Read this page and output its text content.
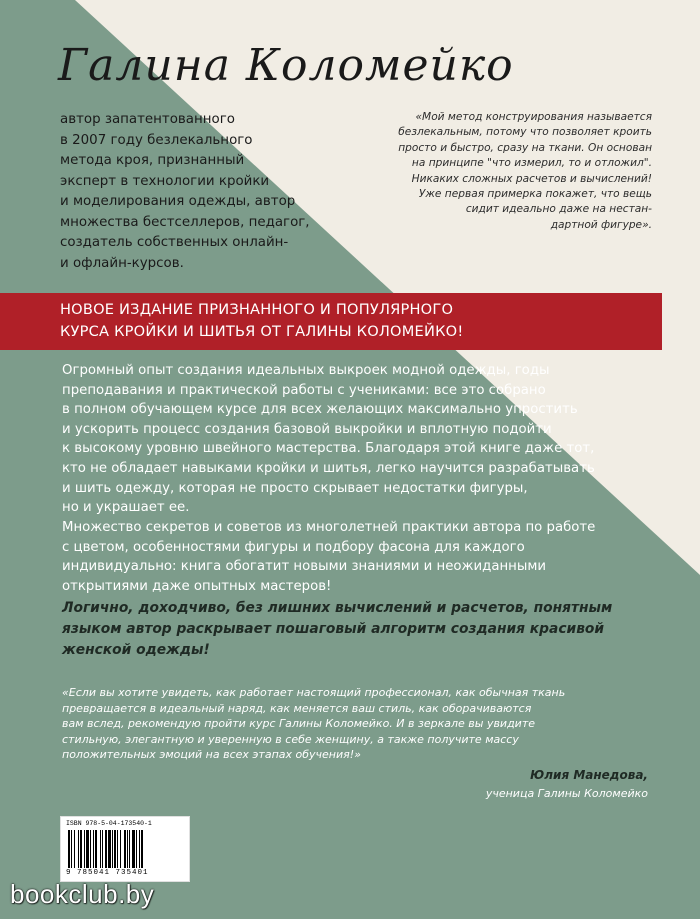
Галина Коломейко

автор запатентованного
в 2007 году безлекального
метода кроя, признанный
эксперт в технологии кройки
и моделирования одежды, автор
множества бестселлеров, педагог,
создатель собственных онлайн-
и офлайн-курсов.

«Мой метод конструирования называется
безлекальным, потому что позволяет кроить
просто и быстро, сразу на ткани. Он основан
на принципе "что измерил, то и отложил".
Никаких сложных расчетов и вычислений!
Уже первая примерка покажет, что вещь
сидит идеально даже на нестан-
дартной фигуре».

НОВОЕ ИЗДАНИЕ ПРИЗНАННОГО И ПОПУЛЯРНОГО
КУРСА КРОЙКИ И ШИТЬЯ ОТ ГАЛИНЫ КОЛОМЕЙКО!

Огромный опыт создания идеальных выкроек модной одежды, годы
преподавания и практической работы с учениками: все это собрано
в полном обучающем курсе для всех желающих максимально упростить
и ускорить процесс создания базовой выкройки и вплотную подойти
к высокому уровню швейного мастерства. Благодаря этой книге даже тот,
кто не обладает навыками кройки и шитья, легко научится разрабатывать
и шить одежду, которая не просто скрывает недостатки фигуры,
но и украшает ее.

Множество секретов и советов из многолетней практики автора по работе
с цветом, особенностями фигуры и подбору фасона для каждого
индивидуально: книга обогатит новыми знаниями и неожиданными
открытиями даже опытных мастеров!

Логично, доходчиво, без лишних вычислений и расчетов, понятным
языком автор раскрывает пошаговый алгоритм создания красивой
женской одежды!

«Если вы хотите увидеть, как работает настоящий профессионал, как обычная ткань
превращается в идеальный наряд, как меняется ваш стиль, как оборачиваются
вам вслед, рекомендую пройти курс Галины Коломейко. И в зеркале вы увидите
стильную, элегантную и уверенную в себе женщину, а также получите массу
положительных эмоций на всех этапах обучения!»

Юлия Манедова,
ученица Галины Коломейко
ISBN 978-5-04-173540-1
9 785041 735401
bookclub.by
